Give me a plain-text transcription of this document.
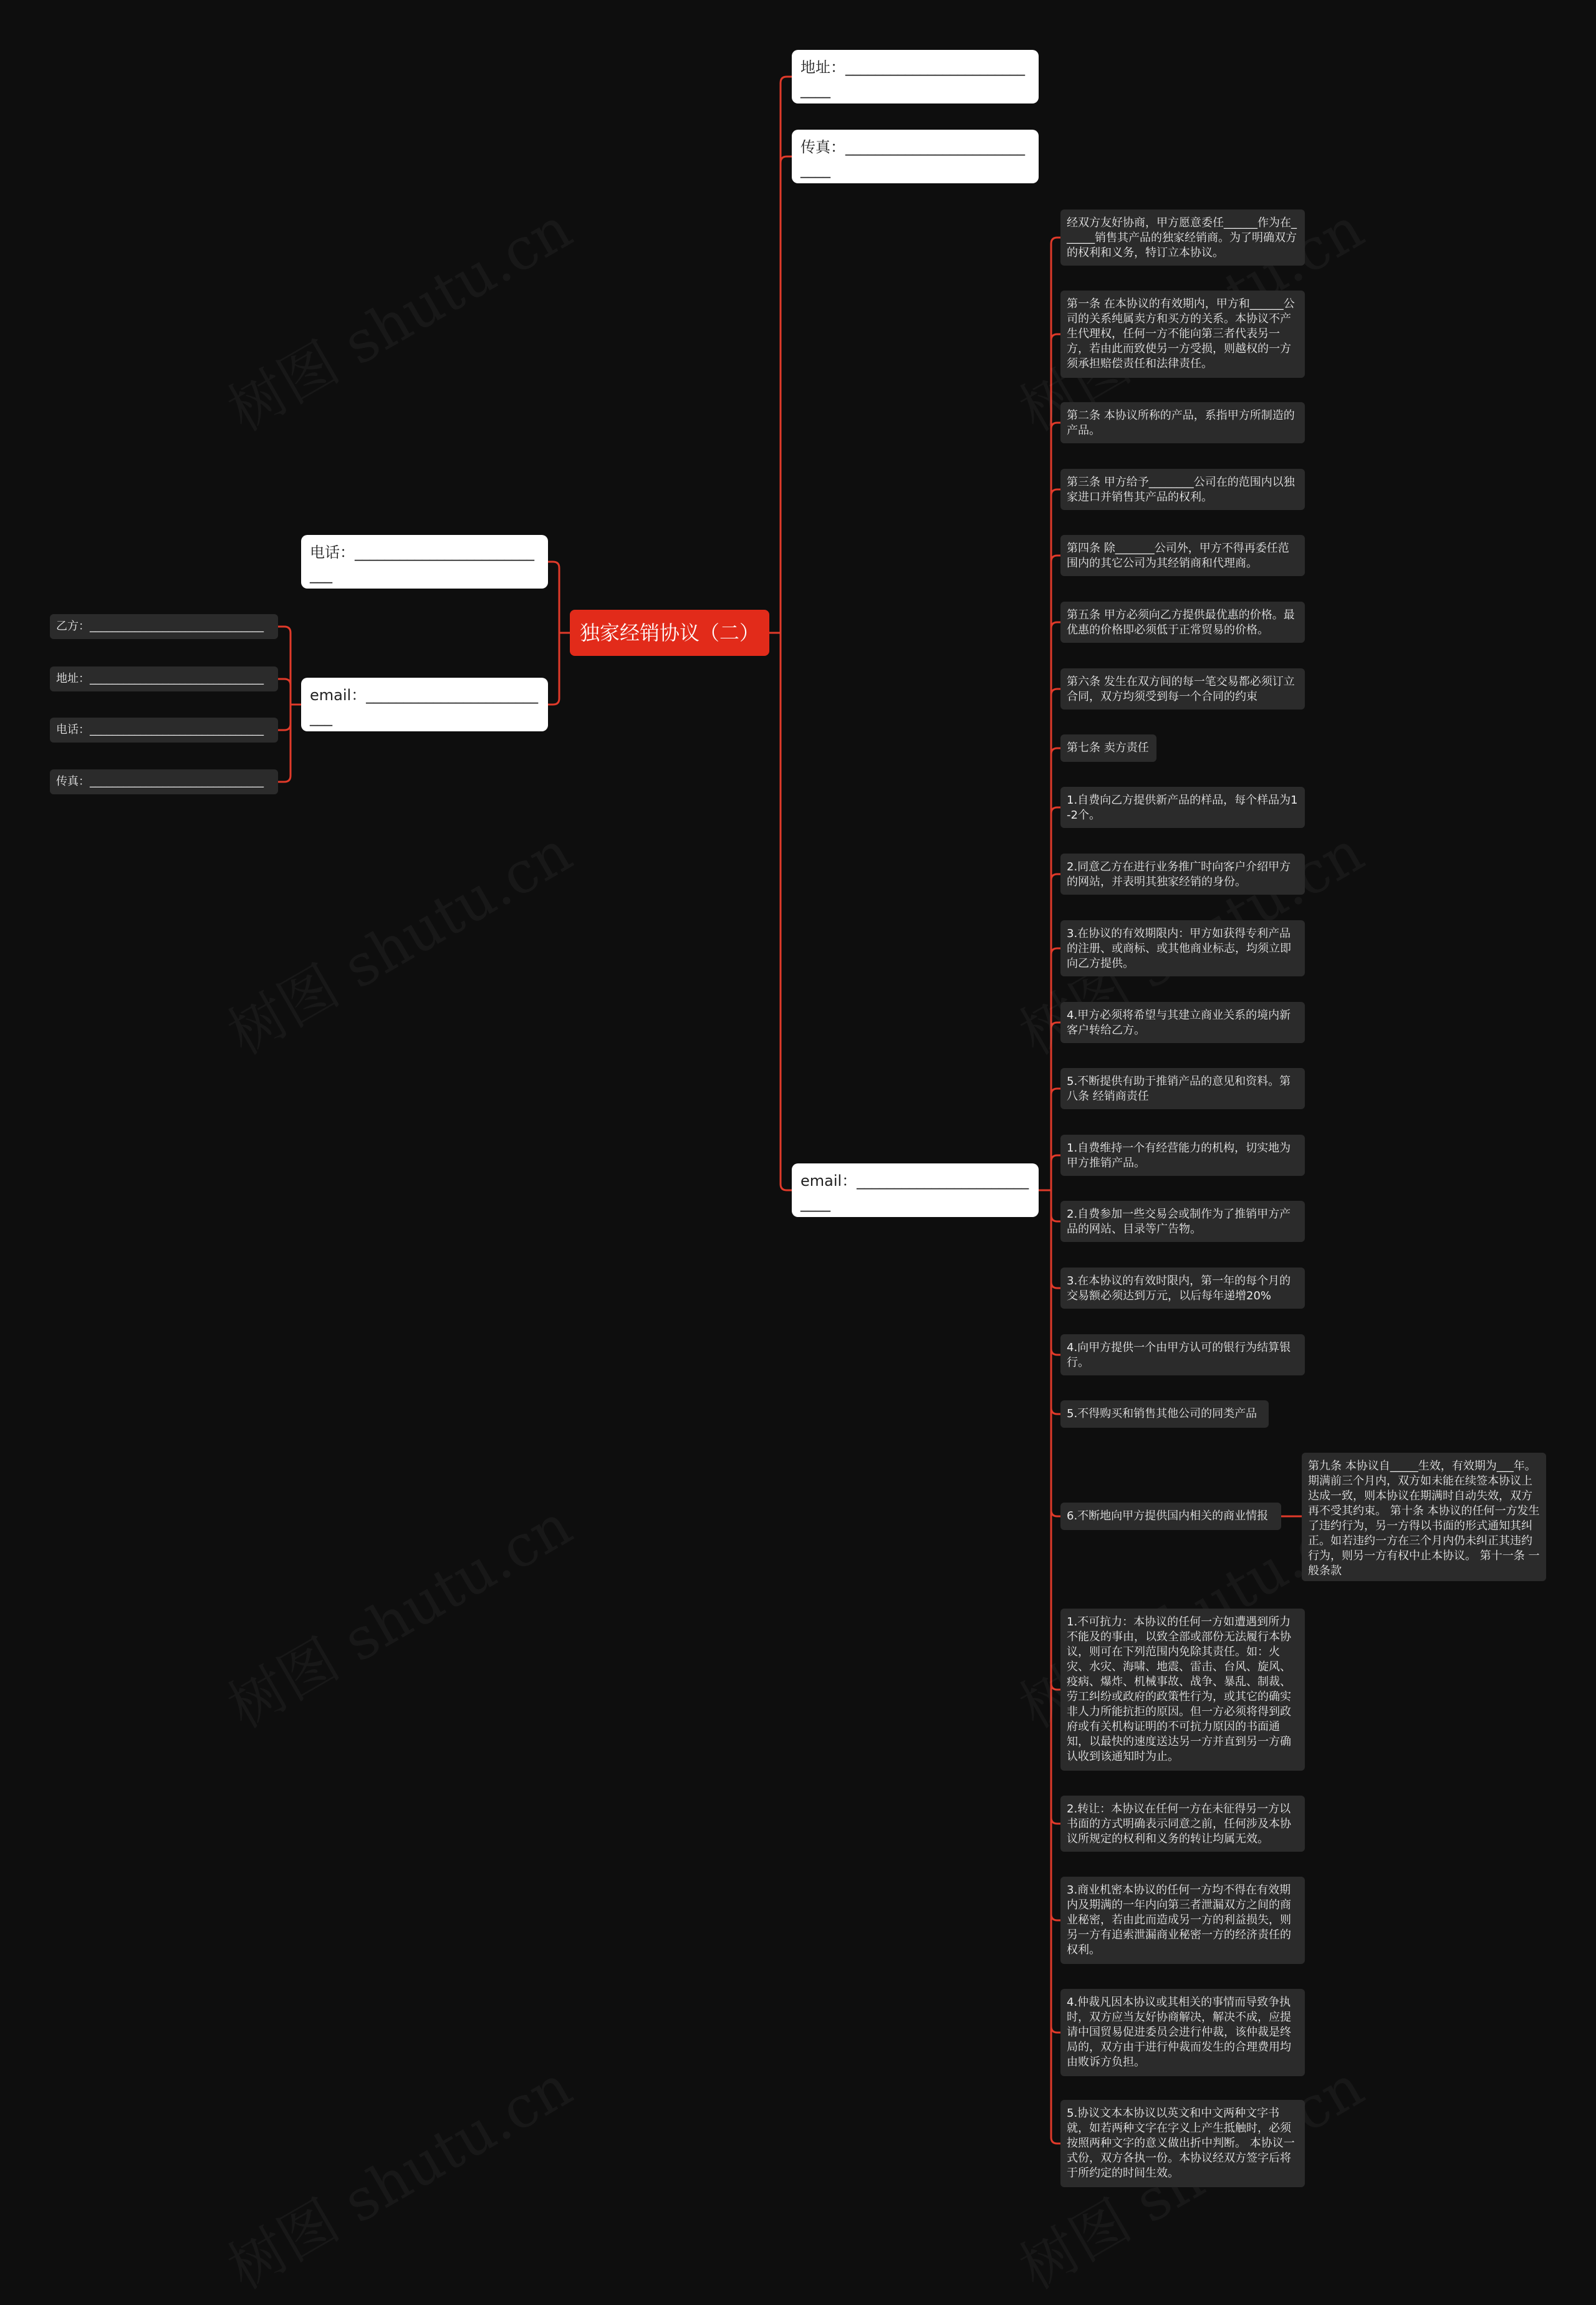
独家经销协议（二）
电话：___________________________
email：__________________________
乙方：_______________________________
地址：_______________________________
电话：_______________________________
传真：_______________________________
地址：____________________________
传真：____________________________
email：___________________________
经双方友好协商，甲方愿意委任______作为在______销售其产品的独家经销商。为了明确双方的权利和义务，特订立本协议。
第一条 在本协议的有效期内，甲方和______公司的关系纯属卖方和买方的关系。本协议不产生代理权，任何一方不能向第三者代表另一方，若由此而致使另一方受损，则越权的一方须承担赔偿责任和法律责任。
第二条 本协议所称的产品，系指甲方所制造的产品。
第三条 甲方给予________公司在的范围内以独家进口并销售其产品的权利。
第四条 除_______公司外，甲方不得再委任范围内的其它公司为其经销商和代理商。
第五条 甲方必须向乙方提供最优惠的价格。最优惠的价格即必须低于正常贸易的价格。
第六条 发生在双方间的每一笔交易都必须订立合同，双方均须受到每一个合同的约束
第七条 卖方责任
1.自费向乙方提供新产品的样品，每个样品为1-2个。
2.同意乙方在进行业务推广时向客户介绍甲方的网站，并表明其独家经销的身份。
3.在协议的有效期限内：甲方如获得专利产品的注册、或商标、或其他商业标志，均须立即向乙方提供。
4.甲方必须将希望与其建立商业关系的境内新客户转给乙方。
5.不断提供有助于推销产品的意见和资料。第八条 经销商责任
1.自费维持一个有经营能力的机构，切实地为甲方推销产品。
2.自费参加一些交易会或制作为了推销甲方产品的网站、目录等广告物。
3.在本协议的有效时限内，第一年的每个月的交易额必须达到万元，以后每年递增20%
4.向甲方提供一个由甲方认可的银行为结算银行。
5.不得购买和销售其他公司的同类产品
6.不断地向甲方提供国内相关的商业情报
1.不可抗力：本协议的任何一方如遭遇到所力不能及的事由，以致全部或部份无法履行本协议，则可在下列范围内免除其责任。如：火灾、水灾、海啸、地震、雷击、台风、旋风、疫病、爆炸、机械事故、战争、暴乱、制裁、劳工纠纷或政府的政策性行为，或其它的确实非人力所能抗拒的原因。但一方必须将得到政府或有关机构证明的不可抗力原因的书面通知，以最快的速度送达另一方并直到另一方确认收到该通知时为止。
2.转让：本协议在任何一方在未征得另一方以书面的方式明确表示同意之前，任何涉及本协议所规定的权利和义务的转让均属无效。
3.商业机密本协议的任何一方均不得在有效期内及期满的一年内向第三者泄漏双方之间的商业秘密，若由此而造成另一方的利益损失，则另一方有追索泄漏商业秘密一方的经济责任的权利。
4.仲裁凡因本协议或其相关的事情而导致争执时，双方应当友好协商解决，解决不成，应提请中国贸易促进委员会进行仲裁，该仲裁是终局的，双方由于进行仲裁而发生的合理费用均由败诉方负担。
5.协议文本本协议以英文和中文两种文字书就，如若两种文字在字义上产生抵触时，必须按照两种文字的意义做出折中判断。 本协议一式份，双方各执一份。本协议经双方签字后将于所约定的时间生效。
第九条 本协议自_____生效，有效期为___年。期满前三个月内，双方如未能在续签本协议上达成一致，则本协议在期满时自动失效，双方再不受其约束。 第十条 本协议的任何一方发生了违约行为，另一方得以书面的形式通知其纠正。如若违约一方在三个月内仍未纠正其违约行为，则另一方有权中止本协议。 第十一条 一般条款
